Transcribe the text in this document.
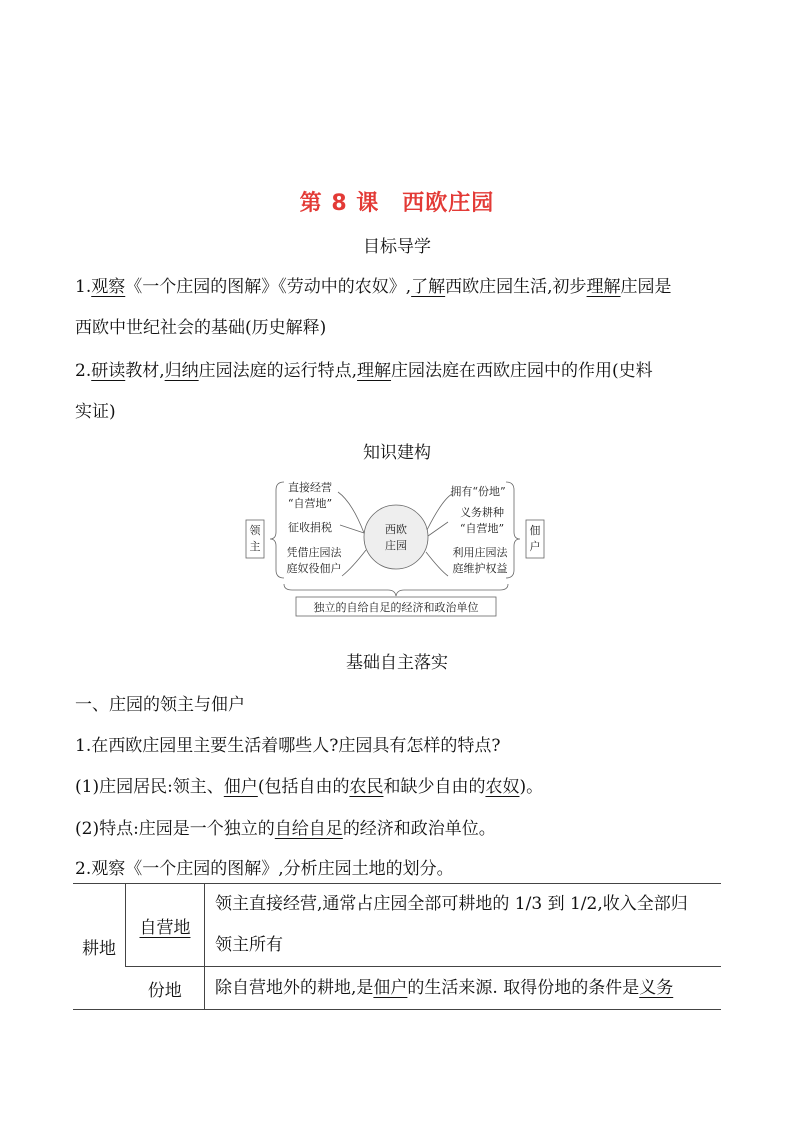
第 8 课　西欧庄园
目标导学
1.观察《一个庄园的图解》《劳动中的农奴》,了解西欧庄园生活,初步理解庄园是
西欧中世纪社会的基础(历史解释)
2.研读教材,归纳庄园法庭的运行特点,理解庄园法庭在西欧庄园中的作用(史料
实证)
知识建构
领
主
佃
户
西欧
庄园
直接经营
“自营地”
征收捐税
凭借庄园法
庭奴役佃户
拥有“份地”
义务耕种
“自营地”
利用庄园法
庭维护权益
独立的自给自足的经济和政治单位
基础自主落实
一、庄园的领主与佃户
1.在西欧庄园里主要生活着哪些人?庄园具有怎样的特点?
(1)庄园居民:领主、佃户(包括自由的农民和缺少自由的农奴)。
(2)特点:庄园是一个独立的自给自足的经济和政治单位。
2.观察《一个庄园的图解》,分析庄园土地的划分。
耕地	自营地	领主直接经营,通常占庄园全部可耕地的 1/3 到 1/2,收入全部归
领主所有

	份地	除自营地外的耕地,是佃户的生活来源. 取得份地的条件是义务
